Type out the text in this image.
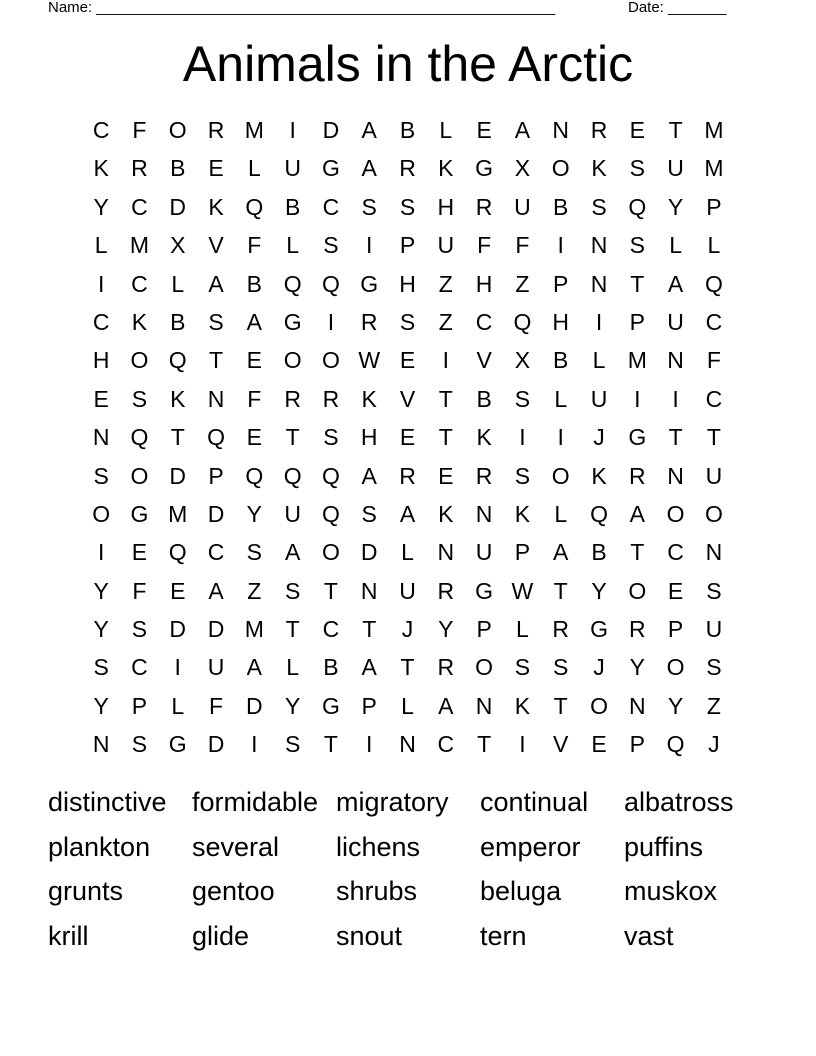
Name: _______________________________________________________	Date: _______
Animals in the Arctic
C F O R M	I	D A B	L	E A N R E	T M
K R B E	L	U G A R K G X O K S U M
Y C D K Q B C S S H R U B S Q Y P
L M X V	F	L	S	I	P U F	F	I	N S	L	L
I	C	L	A B Q Q G H Z H Z	P N T	A Q
C K B S A G	I	R S	Z C Q H	I	P U C
H O Q T	E O O W E	I	V X B	L M N F
E S K N F R R K V	T	B S	L	U	I	I	C
N Q T Q E	T	S H E	T	K	I	I	J	G T	T
S O D P Q Q Q A R E R S O K R N U
O G M D Y U Q S A K N K	L Q A O O
I	E Q C S A O D	L	N U P A B	T C N
Y	F	E A	Z	S	T N U R G W T	Y O E S
Y S D D M T C T	J	Y P	L	R G R P U
S C	I	U A	L	B A	T R O S S	J	Y O S
Y P	L	F D Y G P	L	A N K	T O N Y	Z
N S G D	I	S	T	I	N C T	I	V E P Q	J
distinctive formidable migratory	continual	albatross
plankton	several	lichens	emperor	puffins
grunts	gentoo	shrubs	beluga	muskox
krill	glide	snout	tern	vast
